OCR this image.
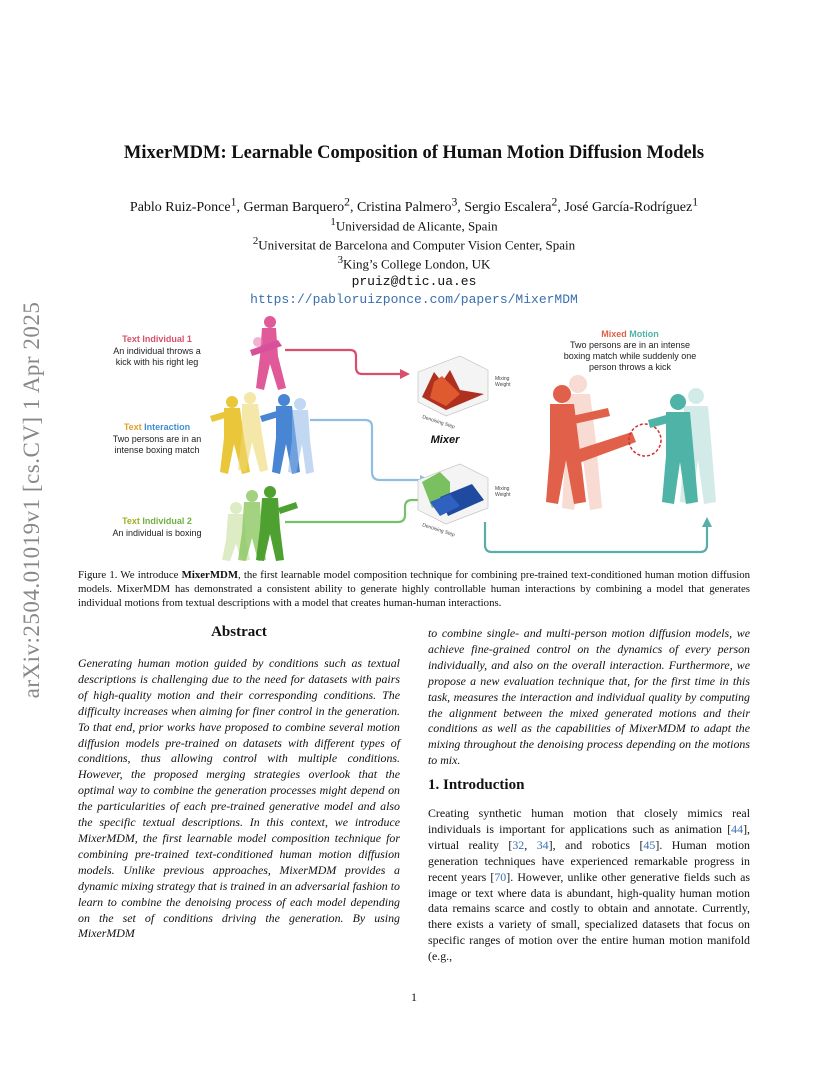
arXiv:2504.01019v1 [cs.CV] 1 Apr 2025
MixerMDM: Learnable Composition of Human Motion Diffusion Models
Pablo Ruiz-Ponce$^1$, German Barquero$^2$, Cristina Palmero$^3$, Sergio Escalera$^2$, José García-Rodríguez$^1$
$^1$Universidad de Alicante, Spain
$^2$Universitat de Barcelona and Computer Vision Center, Spain
$^3$King’s College London, UK
pruiz@dtic.ua.es
https://pabloruizponce.com/papers/MixerMDM
Text Individual 1
An individual throws a
kick with his right leg
Text Interaction
Two persons are in an
intense boxing match
Text Individual 2
An individual is boxing
Mixed Motion
Two persons are in an intense
boxing match while suddenly one
person throws a kick
Mixing
Weight
Denoising Step
Mixer
Mixing
Weight
Denoising Step
Figure 1. We introduce MixerMDM, the first learnable model composition technique for combining pre-trained text-conditioned human motion diffusion models. MixerMDM has demonstrated a consistent ability to generate highly controllable human interactions by combining a model that generates individual motions from textual descriptions with a model that creates human-human interactions.
Abstract

Generating human motion guided by conditions such as textual descriptions is challenging due to the need for datasets with pairs of high-quality motion and their corresponding conditions. The difficulty increases when aiming for finer control in the generation. To that end, prior works have proposed to combine several motion diffusion models pre-trained on datasets with different types of conditions, thus allowing control with multiple conditions. However, the proposed merging strategies overlook that the optimal way to combine the generation processes might depend on the particularities of each pre-trained generative model and also the specific textual descriptions. In this context, we introduce MixerMDM, the first learnable model composition technique for combining pre-trained text-conditioned human motion diffusion models. Unlike previous approaches, MixerMDM provides a dynamic mixing strategy that is trained in an adversarial fashion to learn to combine the denoising process of each model depending on the set of conditions driving the generation. By using MixerMDM

to combine single- and multi-person motion diffusion models, we achieve fine-grained control on the dynamics of every person individually, and also on the overall interaction. Furthermore, we propose a new evaluation technique that, for the first time in this task, measures the interaction and individual quality by computing the alignment between the mixed generated motions and their conditions as well as the capabilities of MixerMDM to adapt the mixing throughout the denoising process depending on the motions to mix.

1. Introduction

Creating synthetic human motion that closely mimics real individuals is important for applications such as animation [44], virtual reality [32, 34], and robotics [45]. Human motion generation techniques have experienced remarkable progress in recent years [70]. However, unlike other generative fields such as image or text where data is abundant, high-quality human motion data remains scarce and costly to obtain and annotate. Currently, there exists a variety of small, specialized datasets that focus on specific ranges of motion over the entire human motion manifold (e.g.,

1
